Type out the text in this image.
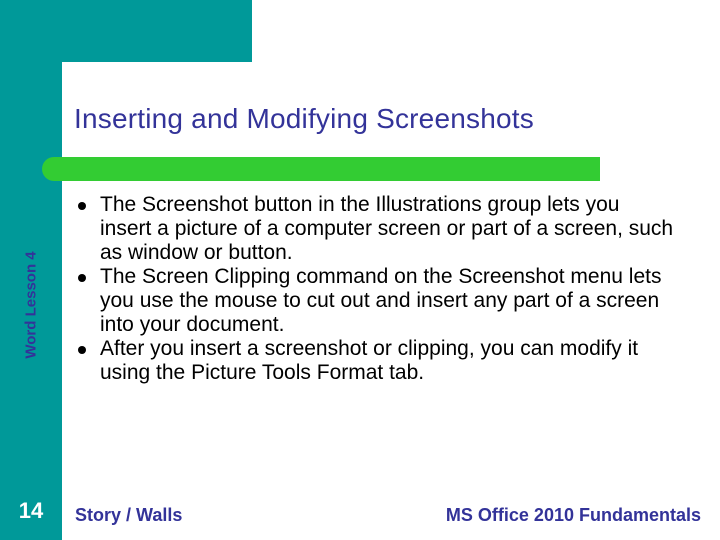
Inserting and Modifying Screenshots
Word Lesson 4
14
The Screenshot button in the Illustrations group lets you insert a picture of a computer screen or part of a screen, such as window or button.
The Screen Clipping command on the Screenshot menu lets you use the mouse to cut out and insert any part of a screen into your document.
After you insert a screenshot or clipping, you can modify it using the Picture Tools Format tab.
Story / Walls	MS Office 2010 Fundamentals
